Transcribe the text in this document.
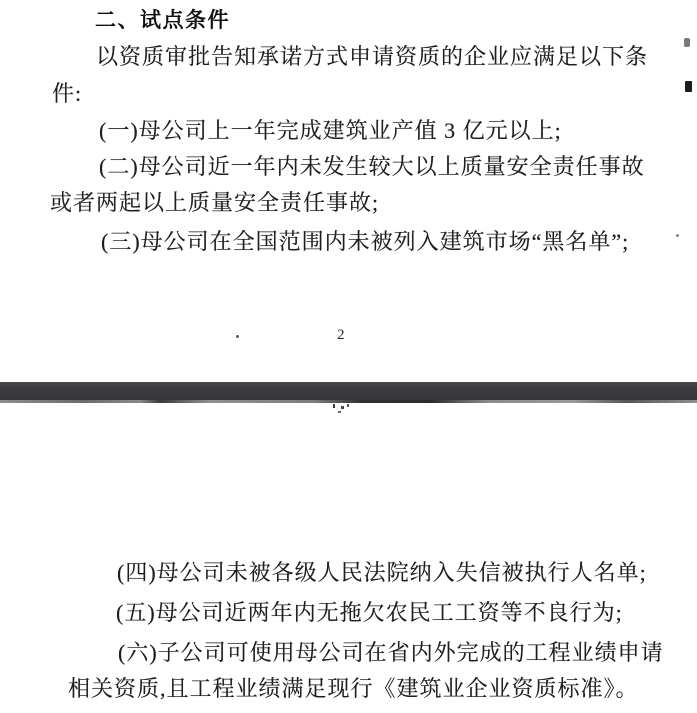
二、试点条件
以资质审批告知承诺方式申请资质的企业应满足以下条
件:
(一)母公司上一年完成建筑业产值 3 亿元以上;
(二)母公司近一年内未发生较大以上质量安全责任事故
或者两起以上质量安全责任事故;
(三)母公司在全国范围内未被列入建筑市场“黑名单”;
2
(四)母公司未被各级人民法院纳入失信被执行人名单;
(五)母公司近两年内无拖欠农民工工资等不良行为;
(六)子公司可使用母公司在省内外完成的工程业绩申请
相关资质,且工程业绩满足现行《建筑业企业资质标准》。
